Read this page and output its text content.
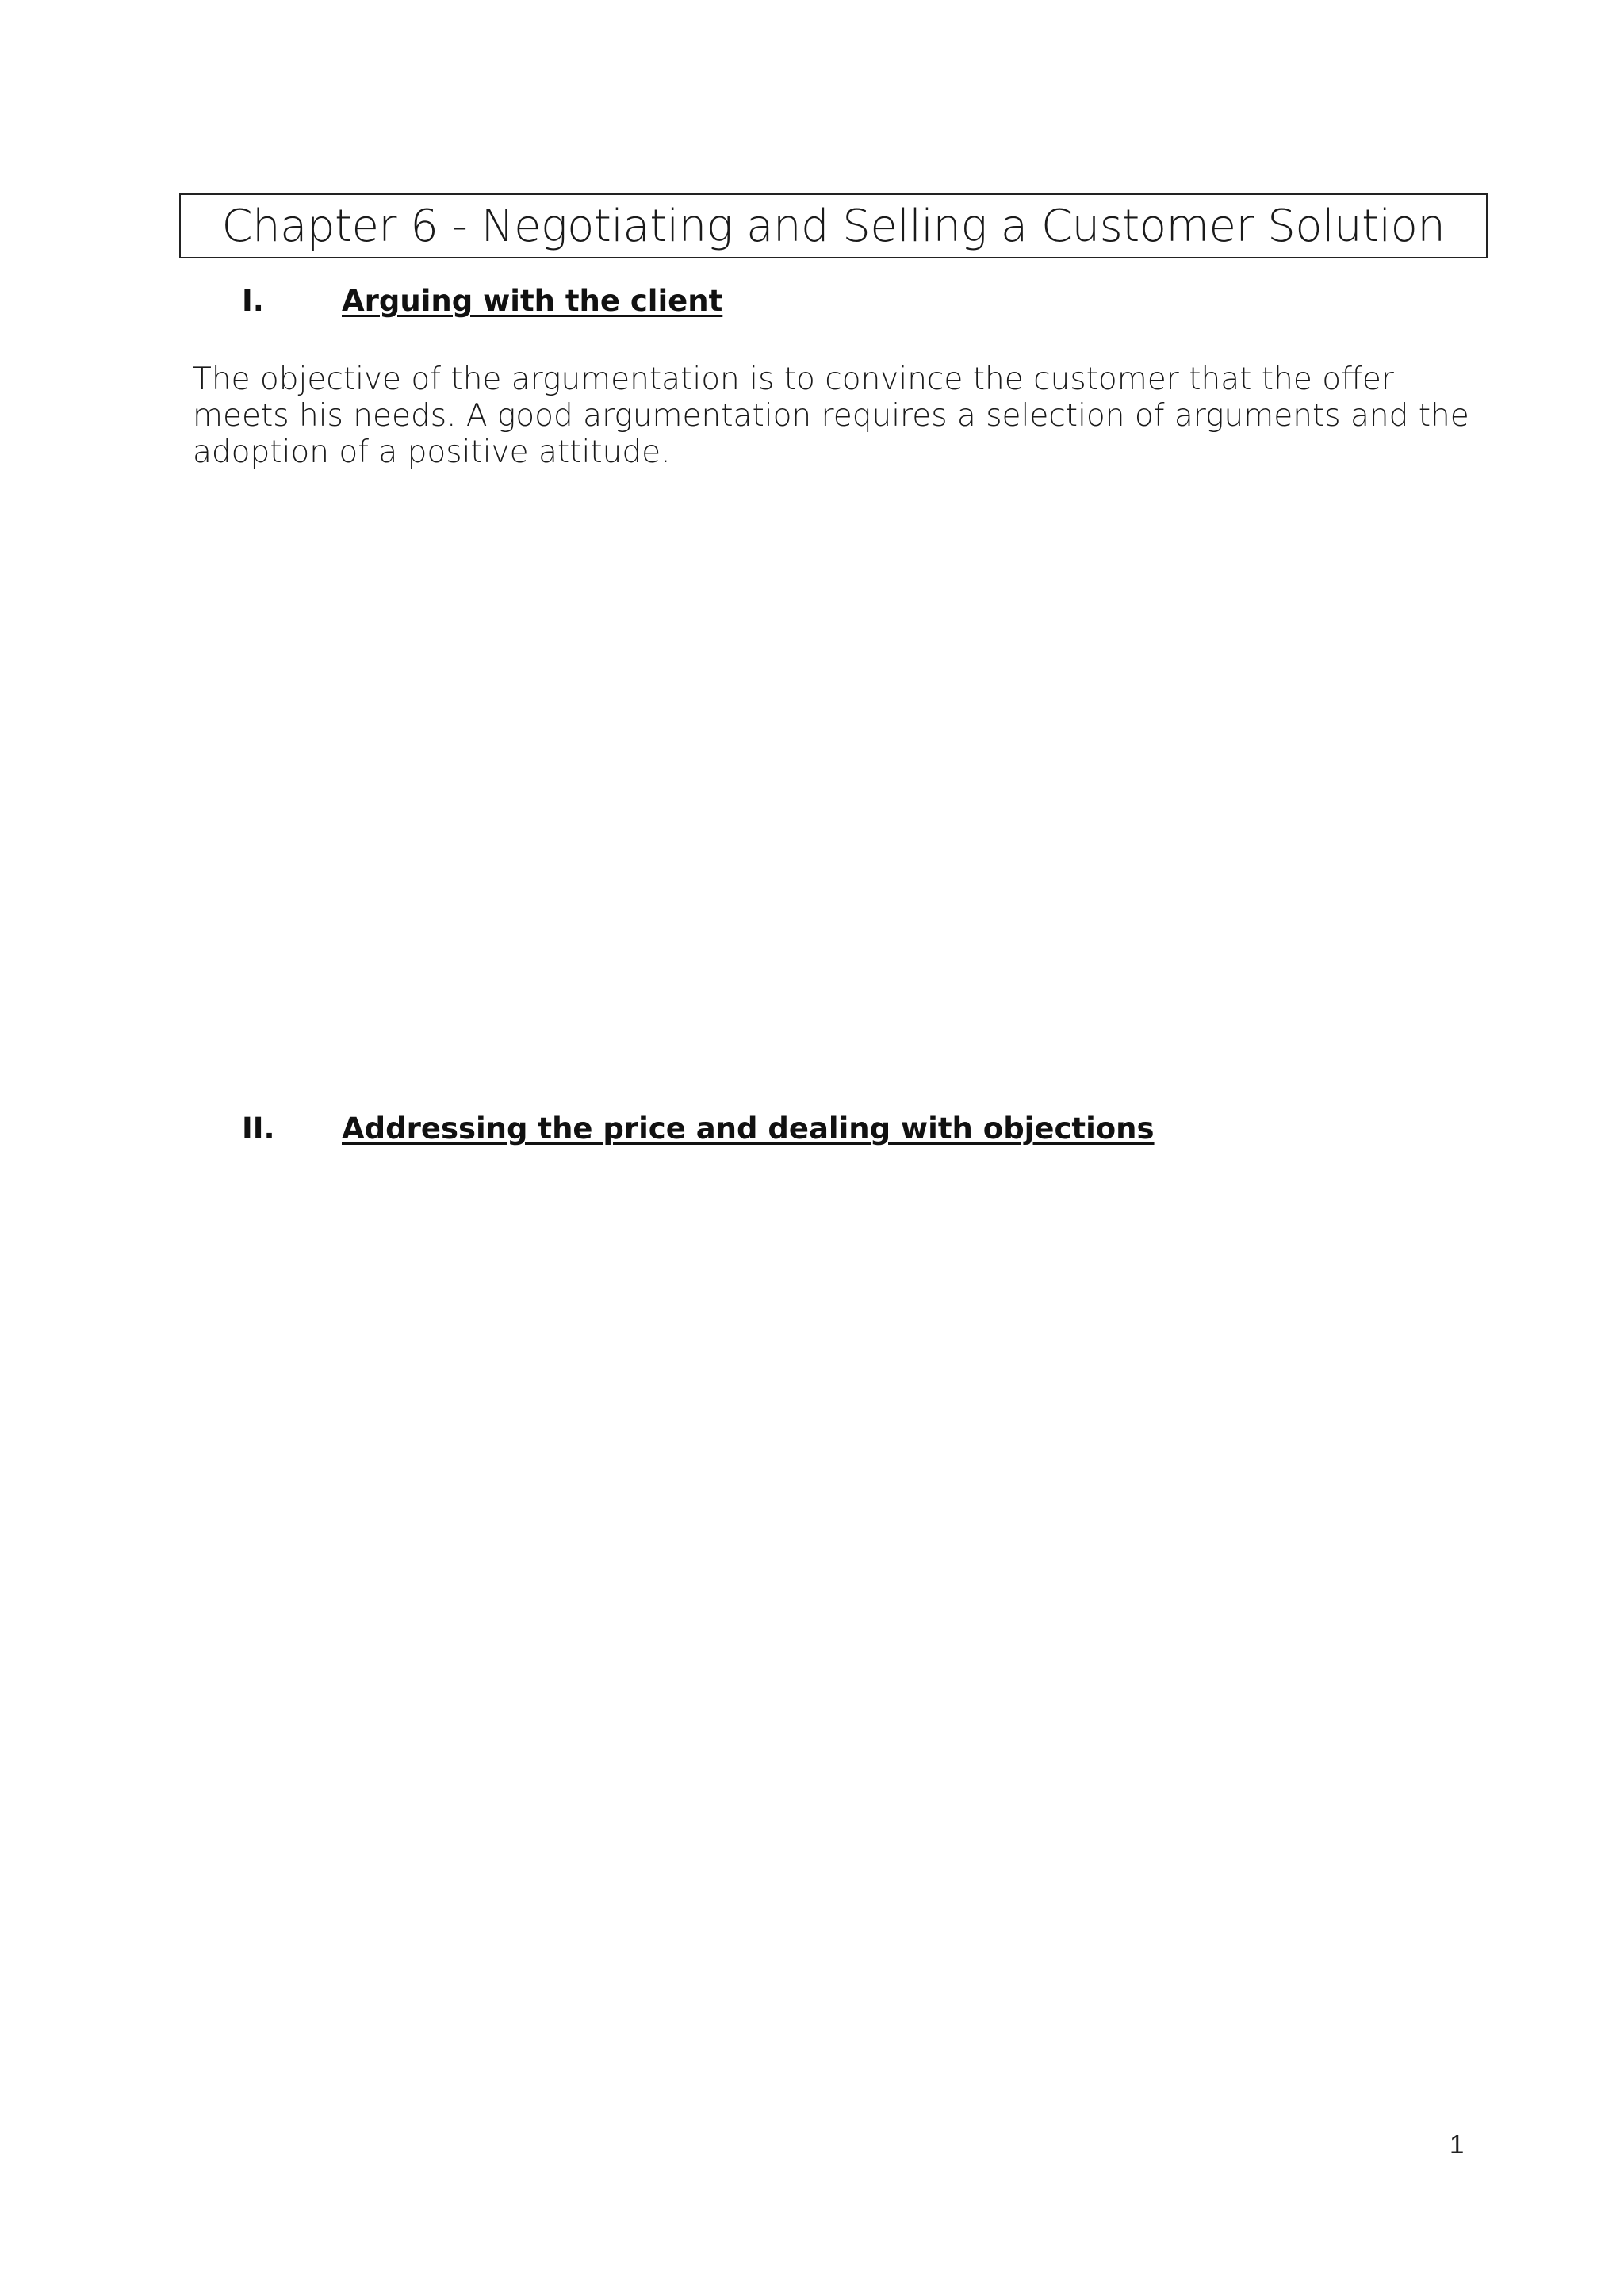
Chapter 6 - Negotiating and Selling a Customer Solution
I.	Arguing with the client

The objective of the argumentation is to convince the customer that the offer meets his needs. A good argumentation requires a selection of arguments and the adoption of a positive attitude.

II.	Addressing the price and dealing with objections
1
